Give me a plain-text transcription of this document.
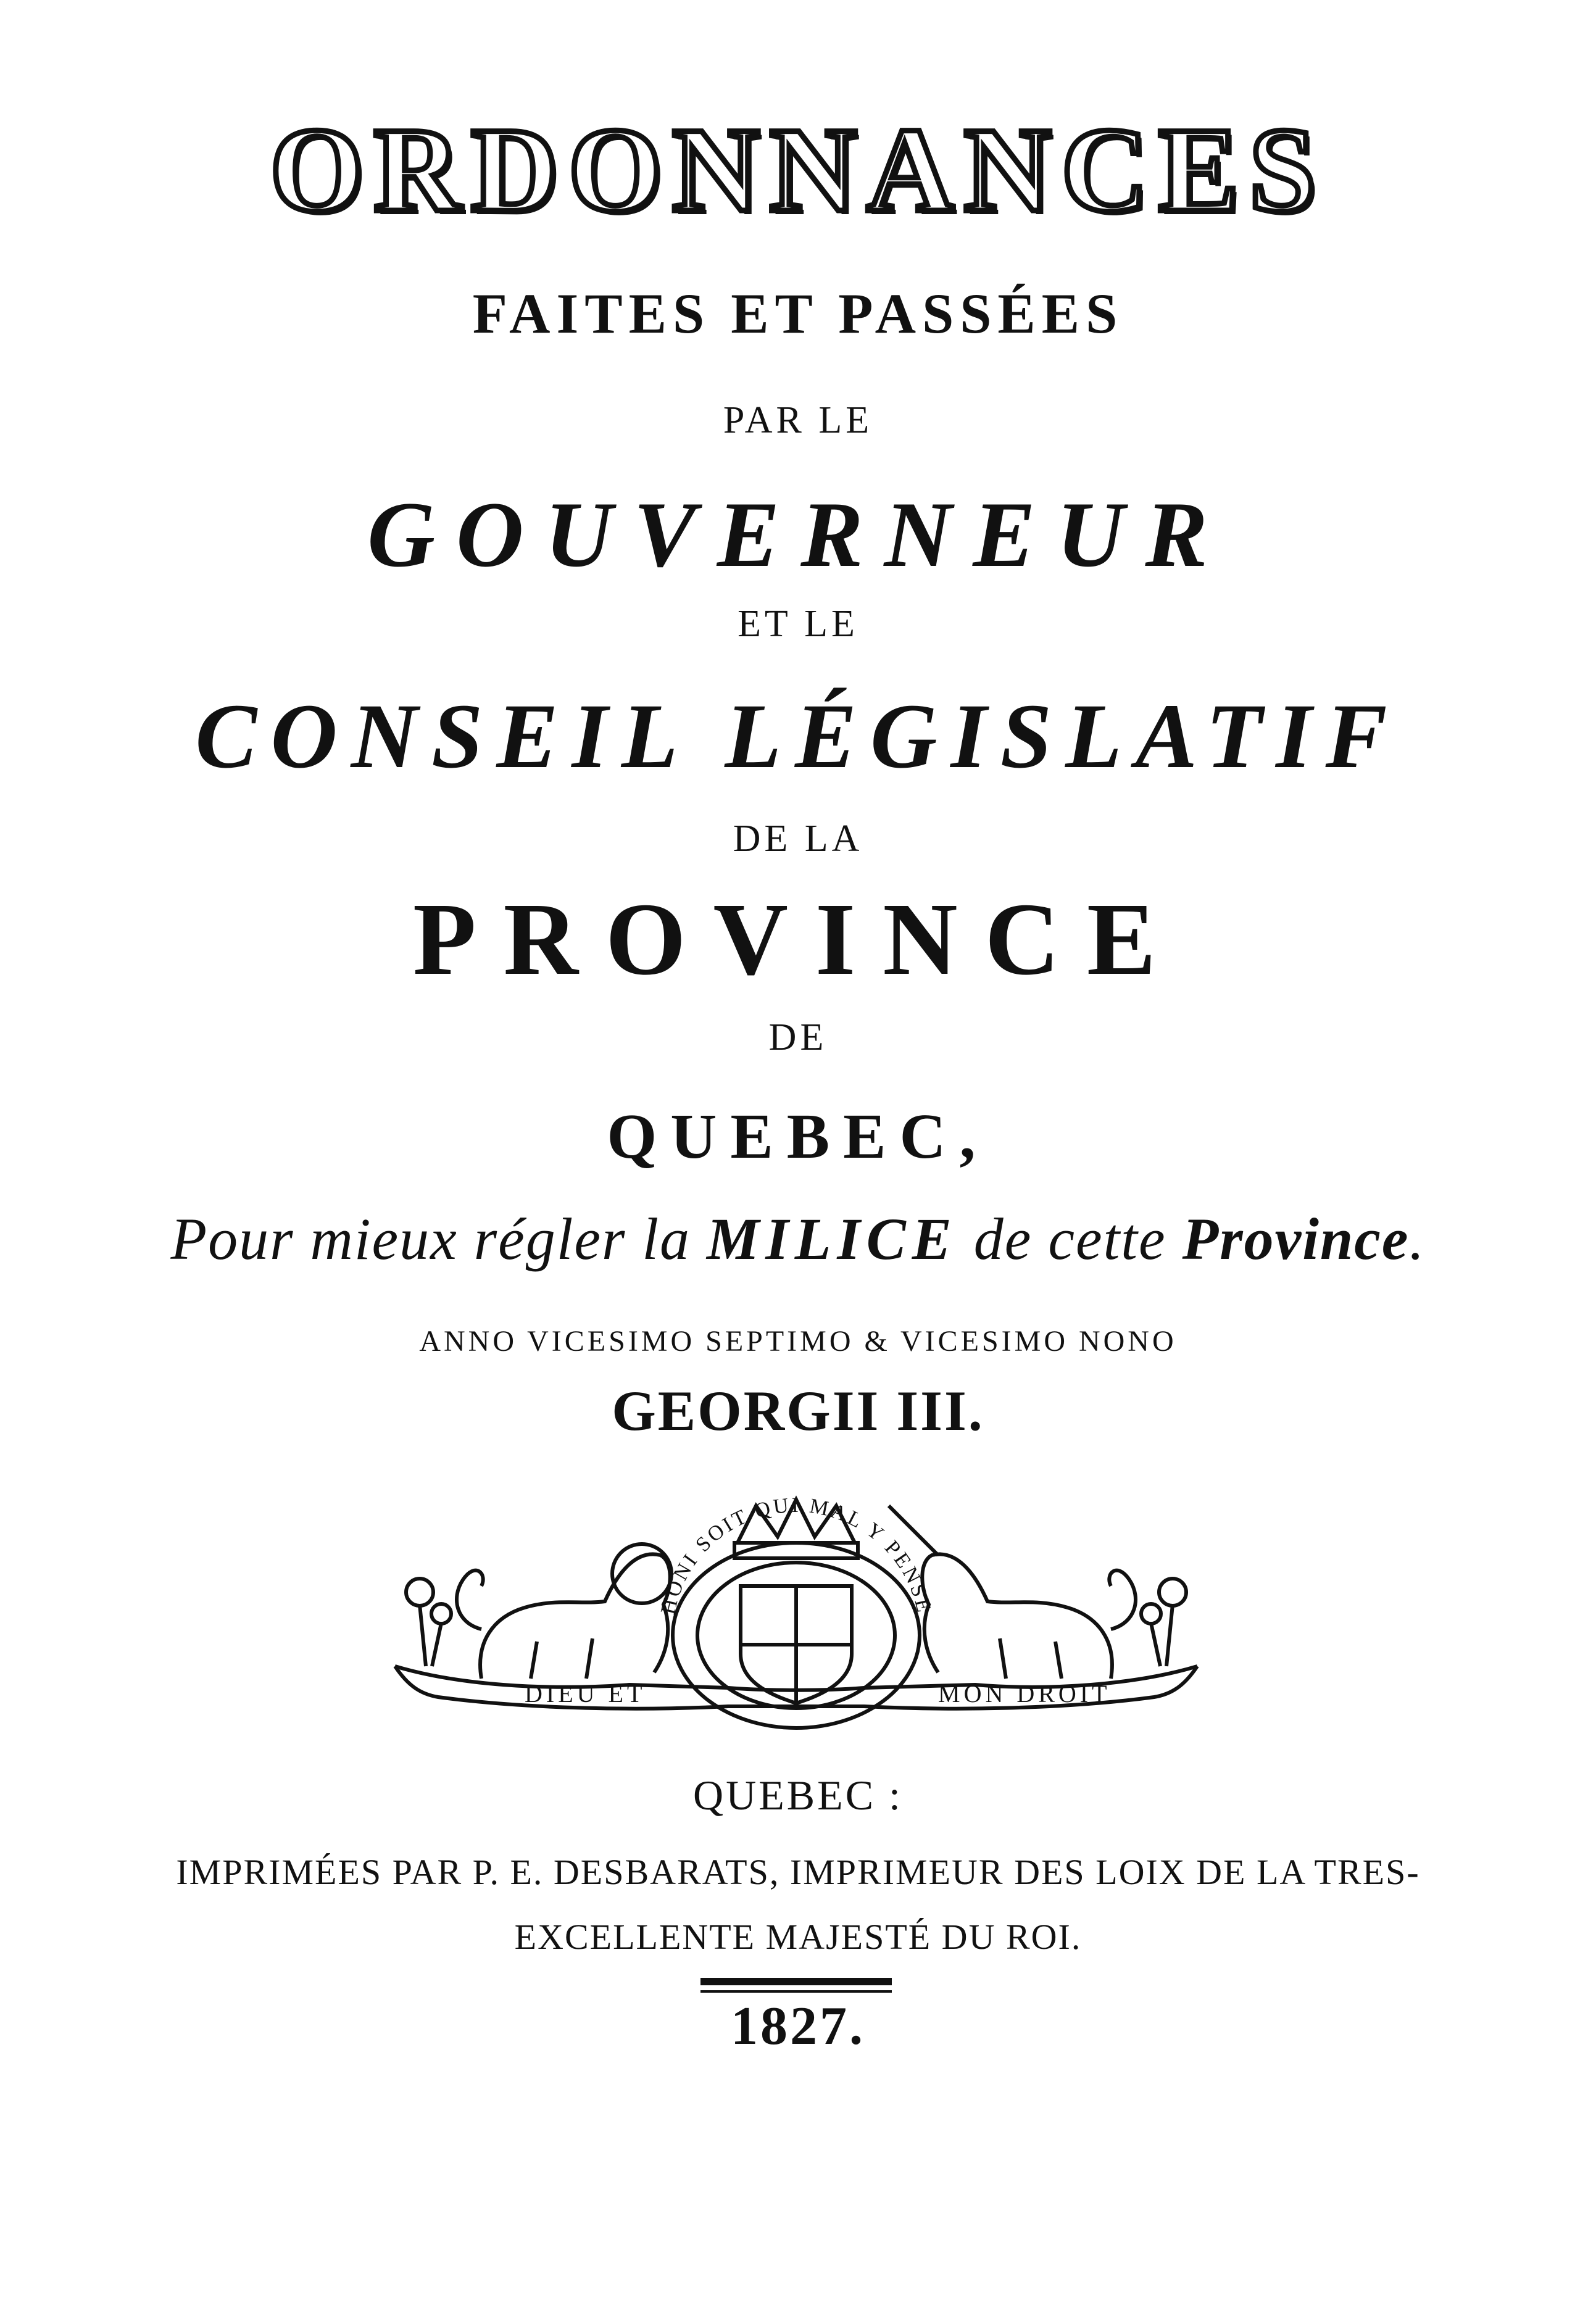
ORDONNANCES
FAITES ET PASSÉES
PAR LE
GOUVERNEUR
ET LE
CONSEIL LÉGISLATIF
DE LA
PROVINCE
DE
QUEBEC,
Pour mieux régler la MILICE de cette Province.
ANNO VICESIMO SEPTIMO & VICESIMO NONO
GEORGII III.
HONI SOIT QUI MAL Y PENSE
DIEU ET	MON DROIT
QUEBEC :
IMPRIMÉES PAR P. E. DESBARATS, IMPRIMEUR DES LOIX DE LA TRES-
EXCELLENTE MAJESTÉ DU ROI.
1827.
